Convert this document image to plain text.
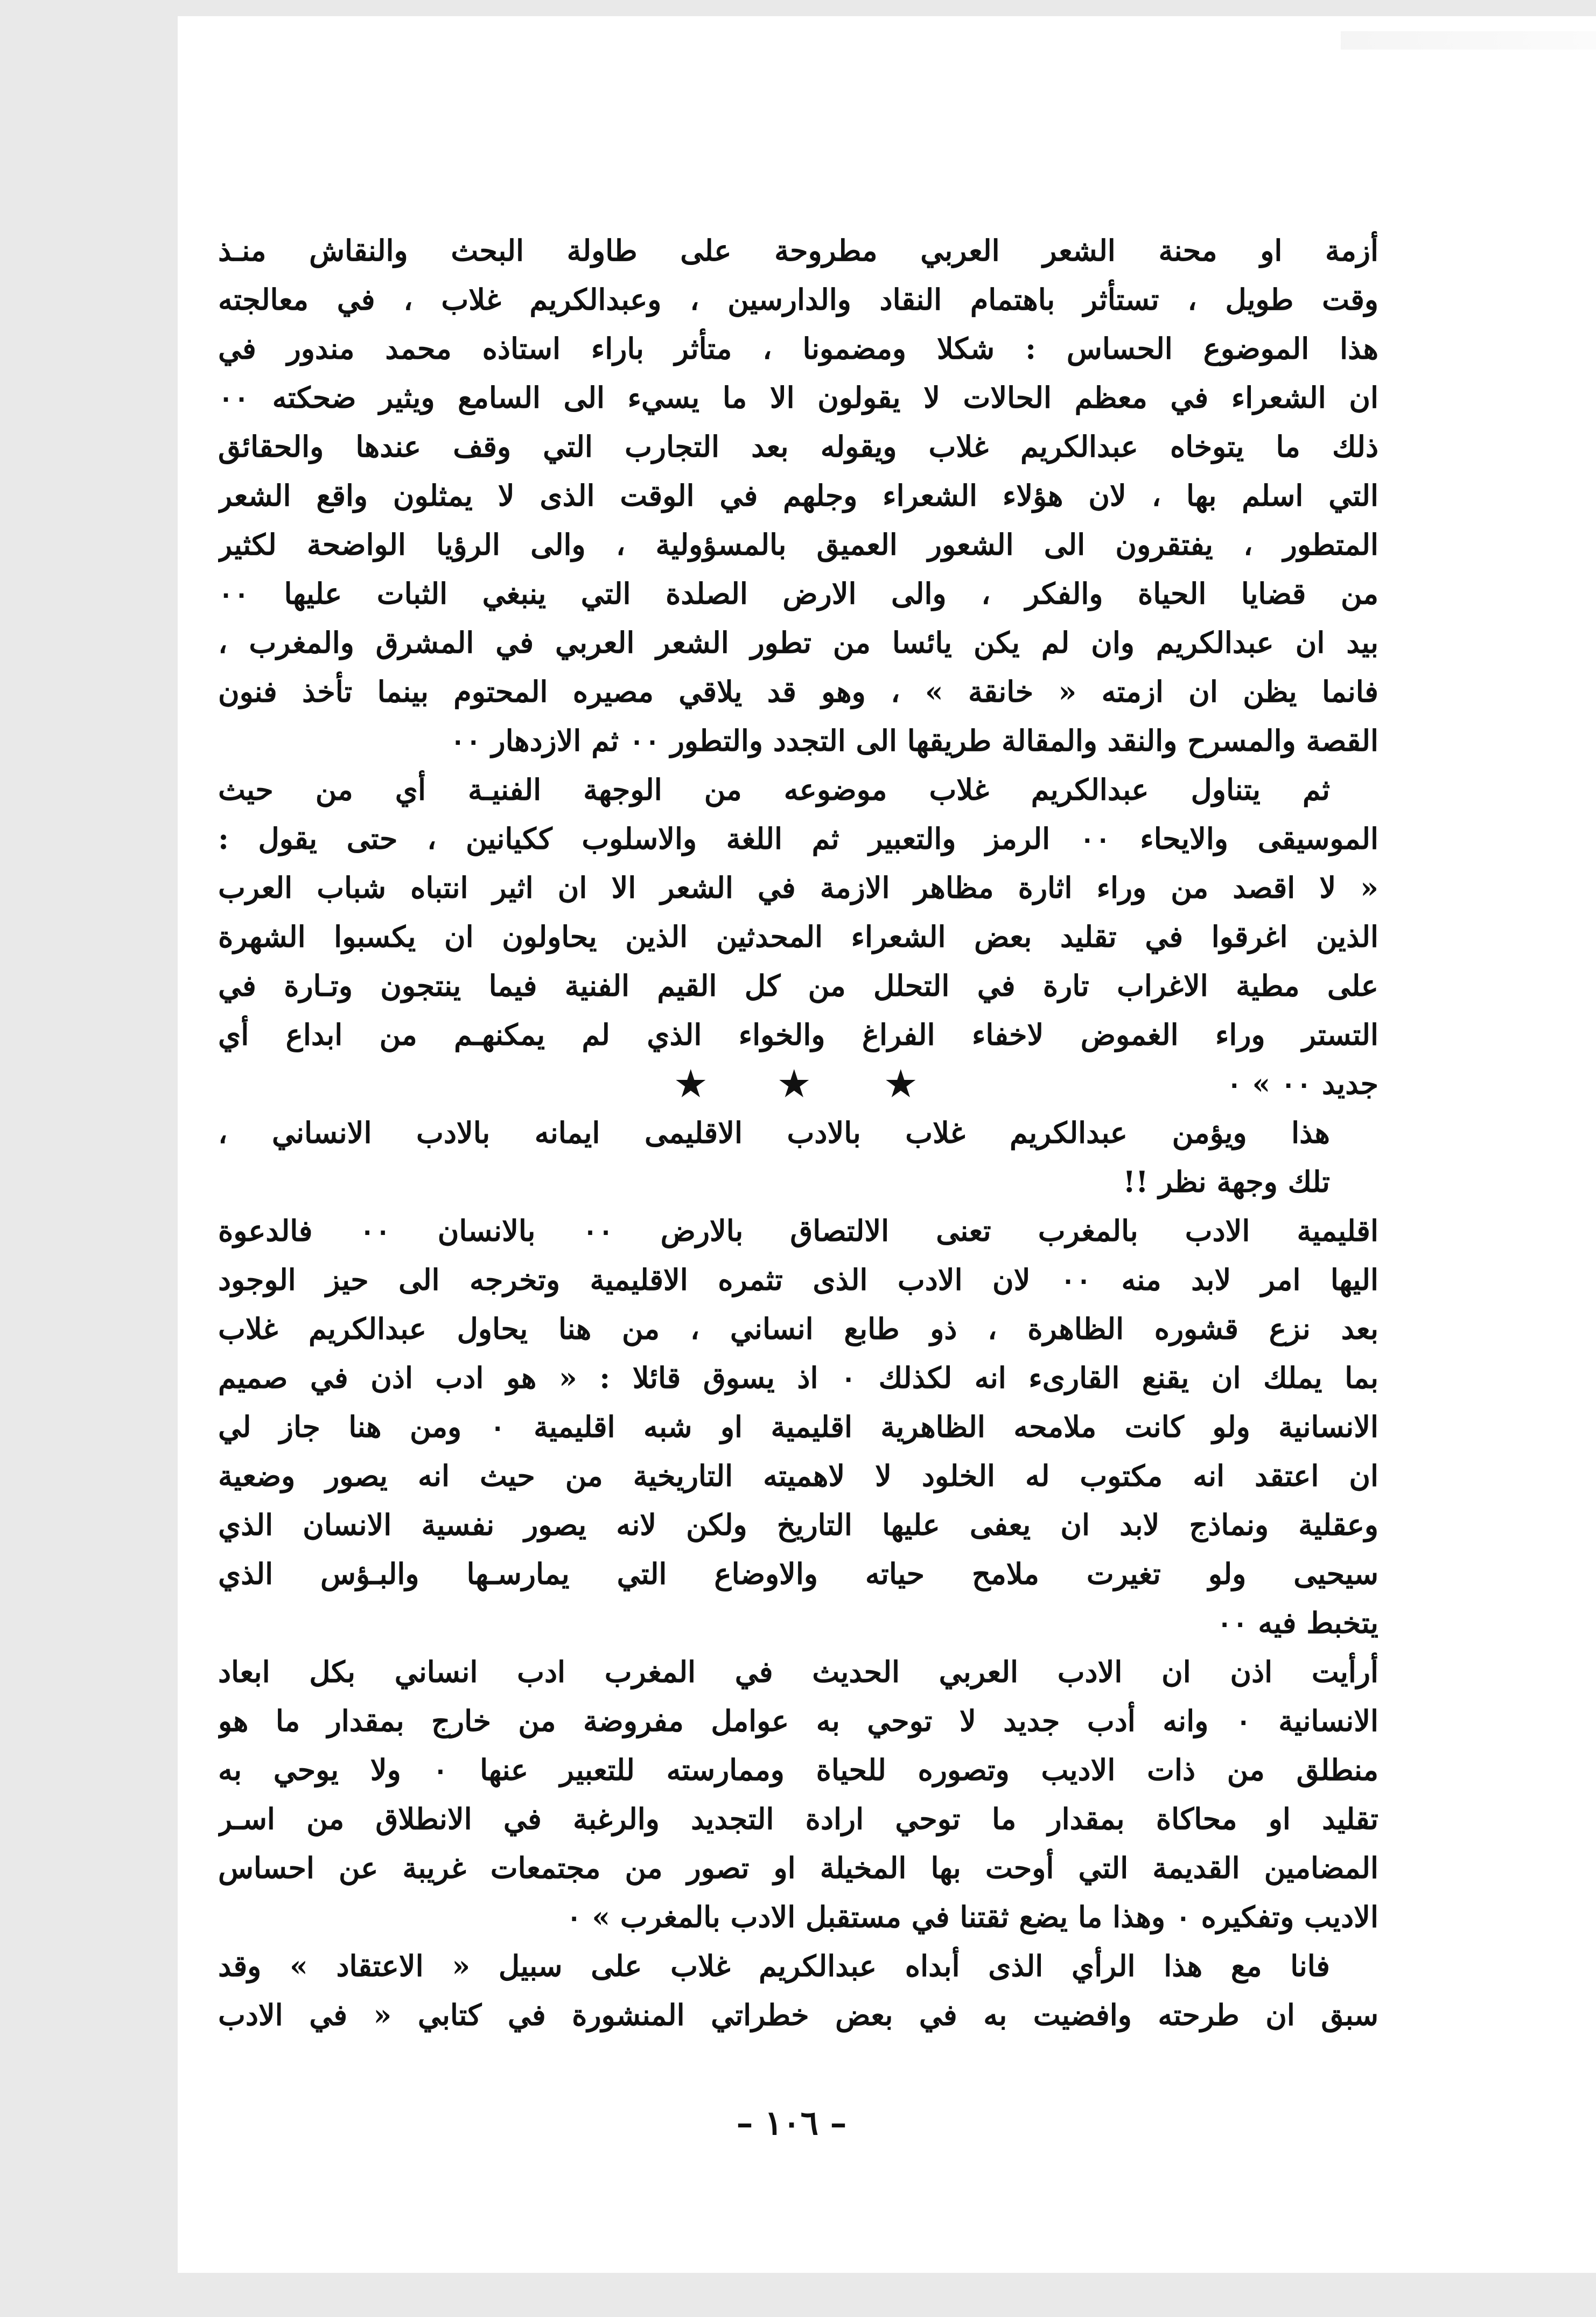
أزمة او محنة الشعر العربي مطروحة على طاولة البحث والنقاش منـذ
وقت طويل ، تستأثر باهتمام النقاد والدارسين ، وعبدالكريم غلاب ، في معالجته
هذا الموضوع الحساس : شكلا ومضمونا ، متأثر باراء استاذه محمد مندور في
ان الشعراء في معظم الحالات لا يقولون الا ما يسيء الى السامع ويثير ضحكته ٠٠
ذلك ما يتوخاه عبدالكريم غلاب ويقوله بعد التجارب التي وقف عندها والحقائق
التي اسلم بها ، لان هؤلاء الشعراء وجلهم في الوقت الذى لا يمثلون واقع الشعر
المتطور ، يفتقرون الى الشعور العميق بالمسؤولية ، والى الرؤيا الواضحة لكثير
من قضايا الحياة والفكر ، والى الارض الصلدة التي ينبغي الثبات عليها ٠٠
بيد ان عبدالكريم وان لم يكن يائسا من تطور الشعر العربي في المشرق والمغرب ،
فانما يظن ان ازمته « خانقة » ، وهو قد يلاقي مصيره المحتوم بينما تأخذ فنون
القصة والمسرح والنقد والمقالة طريقها الى التجدد والتطور ٠٠ ثم الازدهار ٠٠
ثم يتناول عبدالكريم غلاب موضوعه من الوجهة الفنيـة أي من حيث
الموسيقى والايحاء ٠٠ الرمز والتعبير ثم اللغة والاسلوب ككيانين ، حتى يقول :
« لا اقصد من وراء اثارة مظاهر الازمة في الشعر الا ان اثير انتباه شباب العرب
الذين اغرقوا في تقليد بعض الشعراء المحدثين الذين يحاولون ان يكسبوا الشهرة
على مطية الاغراب تارة في التحلل من كل القيم الفنية فيما ينتجون وتـارة في
التستر وراء الغموض لاخفاء الفراغ والخواء الذي لم يمكنهـم من ابداع أي
جديد ٠٠ » ٠
★ ★ ★
هذا ويؤمن عبدالكريم غلاب بالادب الاقليمى ايمانه بالادب الانساني ،
تلك وجهة نظر !!
اقليمية الادب بالمغرب تعنى الالتصاق بالارض ٠٠ بالانسان ٠٠ فالدعوة
اليها امر لابد منه ٠٠ لان الادب الذى تثمره الاقليمية وتخرجه الى حيز الوجود
بعد نزع قشوره الظاهرة ، ذو طابع انساني ، من هنا يحاول عبدالكريم غلاب
بما يملك ان يقنع القارىء انه لكذلك ٠ اذ يسوق قائلا : « هو ادب اذن في صميم
الانسانية ولو كانت ملامحه الظاهرية اقليمية او شبه اقليمية ٠ ومن هنا جاز لي
ان اعتقد انه مكتوب له الخلود لا لاهميته التاريخية من حيث انه يصور وضعية
وعقلية ونماذج لابد ان يعفى عليها التاريخ ولكن لانه يصور نفسية الانسان الذي
سيحيى ولو تغيرت ملامح حياته والاوضاع التي يمارسـها والبـؤس الذي
يتخبط فيه ٠٠
أرأيت اذن ان الادب العربي الحديث في المغرب ادب انساني بكل ابعاد
الانسانية ٠ وانه أدب جديد لا توحي به عوامل مفروضة من خارج بمقدار ما هو
منطلق من ذات الاديب وتصوره للحياة وممارسته للتعبير عنها ٠ ولا يوحي به
تقليد او محاكاة بمقدار ما توحي ارادة التجديد والرغبة في الانطلاق من اسـر
المضامين القديمة التي أوحت بها المخيلة او تصور من مجتمعات غريبة عن احساس
الاديب وتفكيره ٠ وهذا ما يضع ثقتنا في مستقبل الادب بالمغرب » ٠
فانا مع هذا الرأي الذى أبداه عبدالكريم غلاب على سبيل « الاعتقاد » وقد
سبق ان طرحته وافضيت به في بعض خطراتي المنشورة في كتابي « في الادب
– ١٠٦ –
